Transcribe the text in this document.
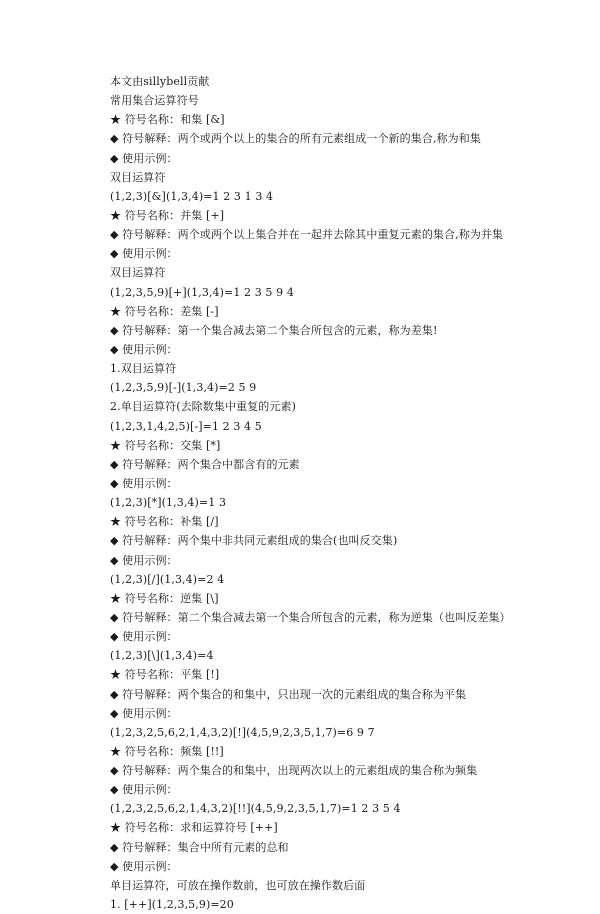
本文由sillybell贡献
常用集合运算符号
★ 符号名称：和集 [&]
◆ 符号解释：两个或两个以上的集合的所有元素组成一个新的集合,称为和集
◆ 使用示例：
双目运算符
(1,2,3)[&](1,3,4)=1 2 3 1 3 4
★ 符号名称：并集 [+]
◆ 符号解释：两个或两个以上集合并在一起并去除其中重复元素的集合,称为并集
◆ 使用示例：
双目运算符
(1,2,3,5,9)[+](1,3,4)=1 2 3 5 9 4
★ 符号名称：差集 [-]
◆ 符号解释：第一个集合减去第二个集合所包含的元素，称为差集!
◆ 使用示例：
1.双目运算符
(1,2,3,5,9)[-](1,3,4)=2 5 9
2.单目运算符(去除数集中重复的元素)
(1,2,3,1,4,2,5)[-]=1 2 3 4 5
★ 符号名称：交集 [*]
◆ 符号解释：两个集合中都含有的元素
◆ 使用示例：
(1,2,3)[*](1,3,4)=1 3
★ 符号名称：补集 [/]
◆ 符号解释：两个集中非共同元素组成的集合(也叫反交集)
◆ 使用示例：
(1,2,3)[/](1,3,4)=2 4
★ 符号名称：逆集 [\]
◆ 符号解释：第二个集合减去第一个集合所包含的元素，称为逆集（也叫反差集）
◆ 使用示例：
(1,2,3)[\](1,3,4)=4
★ 符号名称：平集 [!]
◆ 符号解释：两个集合的和集中，只出现一次的元素组成的集合称为平集
◆ 使用示例：
(1,2,3,2,5,6,2,1,4,3,2)[!](4,5,9,2,3,5,1,7)=6 9 7
★ 符号名称：频集 [!!]
◆ 符号解释：两个集合的和集中，出现两次以上的元素组成的集合称为频集
◆ 使用示例：
(1,2,3,2,5,6,2,1,4,3,2)[!!](4,5,9,2,3,5,1,7)=1 2 3 5 4
★ 符号名称：求和运算符号 [++]
◆ 符号解释：集合中所有元素的总和
◆ 使用示例：
单目运算符，可放在操作数前，也可放在操作数后面
1. [++](1,2,3,5,9)=20
